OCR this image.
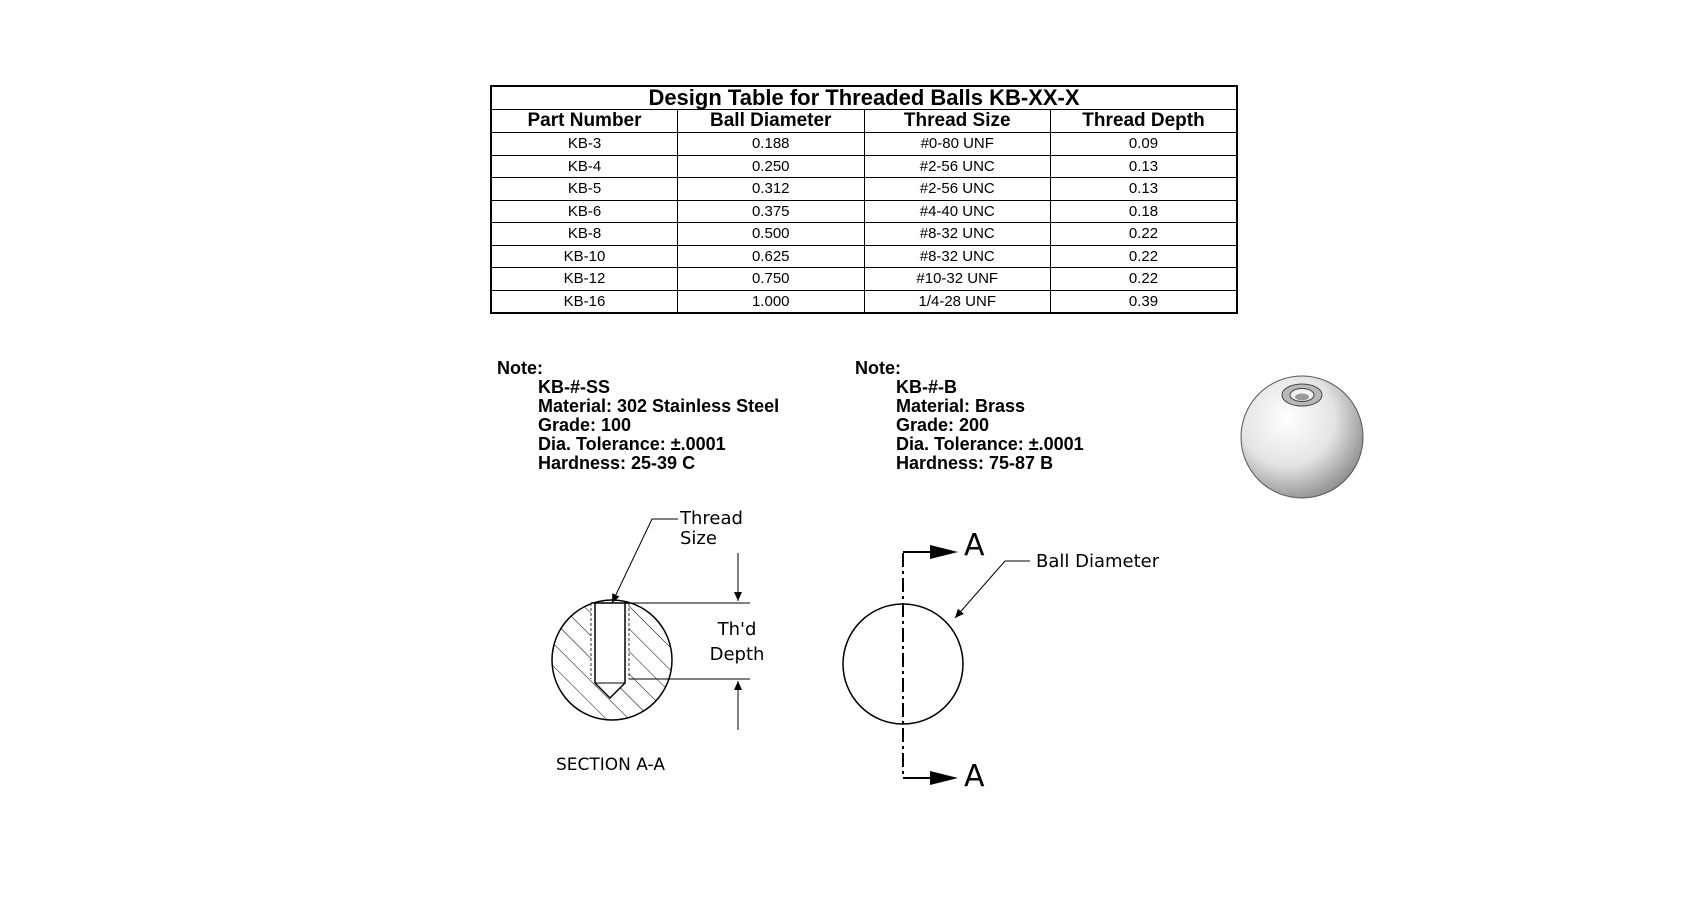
Design Table for Threaded Balls KB-XX-X			
Part Number	Ball Diameter	Thread Size	Thread Depth
KB-3	0.188	#0-80 UNF	0.09
KB-4	0.250	#2-56 UNC	0.13
KB-5	0.312	#2-56 UNC	0.13
KB-6	0.375	#4-40 UNC	0.18
KB-8	0.500	#8-32 UNC	0.22
KB-10	0.625	#8-32 UNC	0.22
KB-12	0.750	#10-32 UNF	0.22
KB-16	1.000	1/4-28 UNF	0.39
Note:
KB-#-SS
Material: 302 Stainless Steel
Grade: 100
Dia. Tolerance: ±.0001
Hardness: 25-39 C
Note:
KB-#-B
Material: Brass
Grade: 200
Dia. Tolerance: ±.0001
Hardness: 75-87 B
Thread
Size
Th'd
Depth
SECTION A-A
A
A
Ball Diameter
